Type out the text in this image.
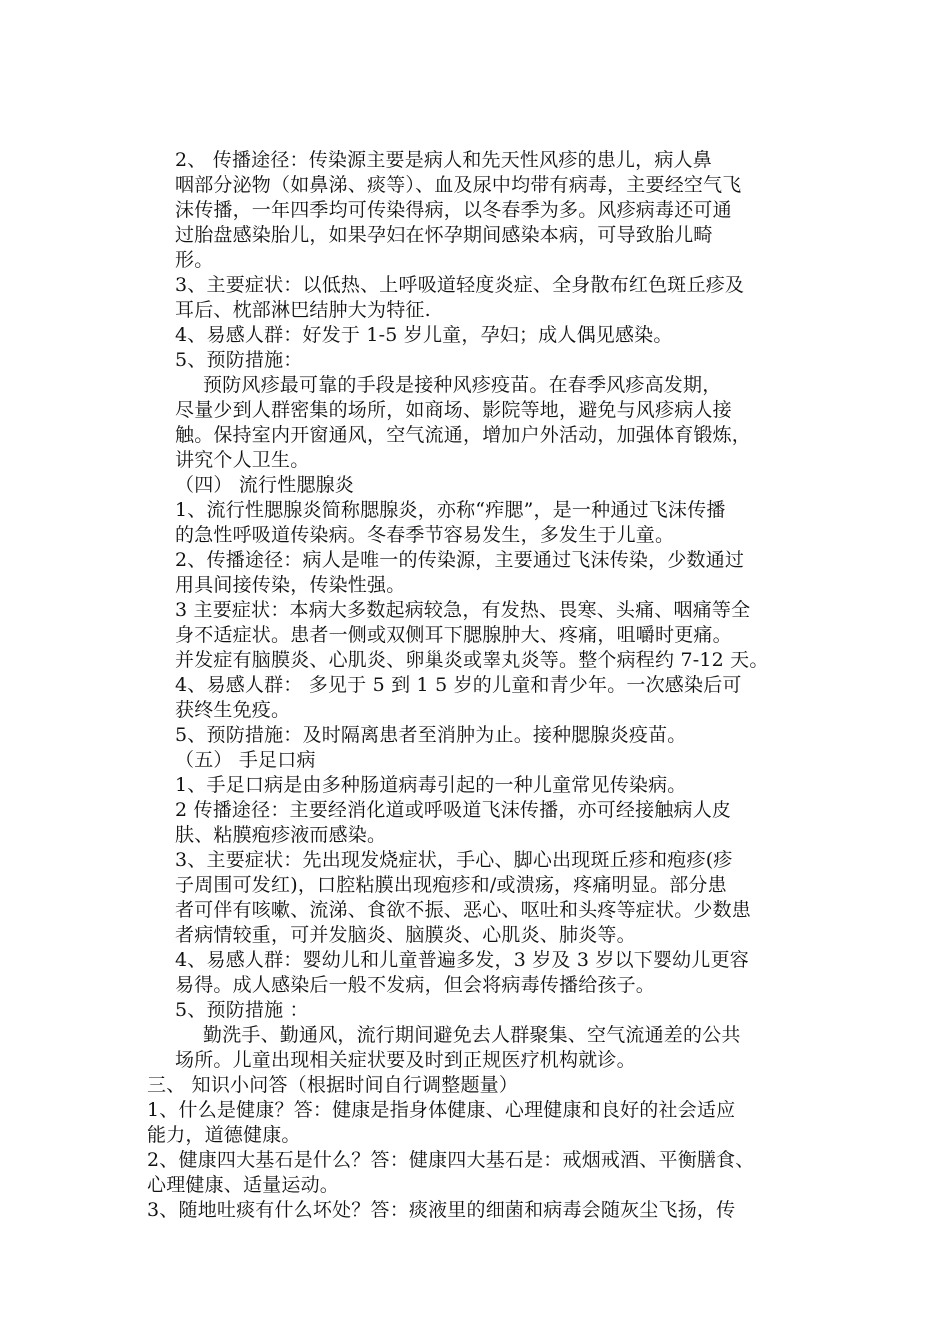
2、 传播途径：传染源主要是病人和先天性风疹的患儿，病人鼻
咽部分泌物（如鼻涕、痰等）、血及尿中均带有病毒，主要经空气飞
沫传播，一年四季均可传染得病，以冬春季为多。风疹病毒还可通
过胎盘感染胎儿，如果孕妇在怀孕期间感染本病，可导致胎儿畸
形。
3、主要症状：以低热、上呼吸道轻度炎症、全身散布红色斑丘疹及
耳后、枕部淋巴结肿大为特征.
4、易感人群：好发于 1-5 岁儿童，孕妇；成人偶见感染。
5、预防措施：
预防风疹最可靠的手段是接种风疹疫苗。在春季风疹高发期，
尽量少到人群密集的场所，如商场、影院等地，避免与风疹病人接
触。保持室内开窗通风，空气流通，增加户外活动，加强体育锻炼，
讲究个人卫生。
（四） 流行性腮腺炎
1、流行性腮腺炎简称腮腺炎，亦称“痄腮”，是一种通过飞沫传播
的急性呼吸道传染病。冬春季节容易发生，多发生于儿童。
2、传播途径：病人是唯一的传染源，主要通过飞沫传染，少数通过
用具间接传染，传染性强。
3 主要症状：本病大多数起病较急，有发热、畏寒、头痛、咽痛等全
身不适症状。患者一侧或双侧耳下腮腺肿大、疼痛，咀嚼时更痛。
并发症有脑膜炎、心肌炎、卵巢炎或睾丸炎等。整个病程约 7-12 天。
4、易感人群： 多见于 5 到 1 5 岁的儿童和青少年。一次感染后可
获终生免疫。
5、预防措施：及时隔离患者至消肿为止。接种腮腺炎疫苗。
（五） 手足口病
1、手足口病是由多种肠道病毒引起的一种儿童常见传染病。
2 传播途径：主要经消化道或呼吸道飞沫传播，亦可经接触病人皮
肤、粘膜疱疹液而感染。
3、主要症状：先出现发烧症状，手心、脚心出现斑丘疹和疱疹(疹
子周围可发红)，口腔粘膜出现疱疹和/或溃疡，疼痛明显。部分患
者可伴有咳嗽、流涕、食欲不振、恶心、呕吐和头疼等症状。少数患
者病情较重，可并发脑炎、脑膜炎、心肌炎、肺炎等。
4、易感人群：婴幼儿和儿童普遍多发，3 岁及 3 岁以下婴幼儿更容
易得。成人感染后一般不发病，但会将病毒传播给孩子。
5、预防措施 ：
勤洗手、勤通风，流行期间避免去人群聚集、空气流通差的公共
场所。儿童出现相关症状要及时到正规医疗机构就诊。
三、 知识小问答（根据时间自行调整题量）
1、什么是健康？答：健康是指身体健康、心理健康和良好的社会适应
能力，道德健康。
2、健康四大基石是什么？答：健康四大基石是：戒烟戒酒、平衡膳食、
心理健康、适量运动。
3、随地吐痰有什么坏处？答：痰液里的细菌和病毒会随灰尘飞扬，传
